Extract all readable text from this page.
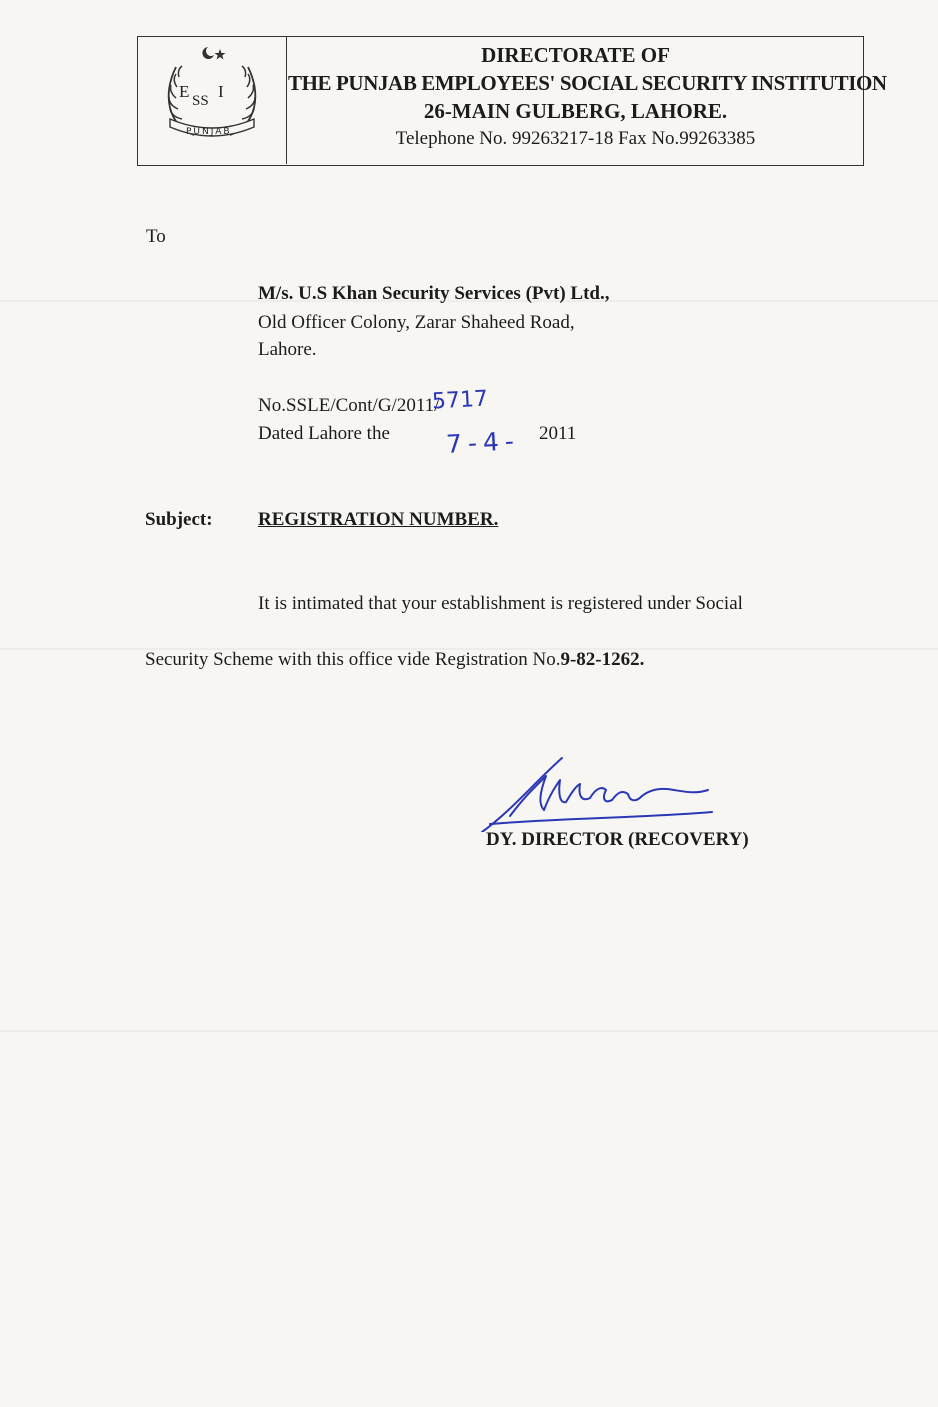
E SS I
PUNJAB
DIRECTORATE OF
THE PUNJAB EMPLOYEES' SOCIAL SECURITY INSTITUTION
26-MAIN GULBERG, LAHORE.
Telephone No. 99263217-18 Fax No.99263385
To
M/s. U.S Khan Security Services (Pvt) Ltd.,
Old Officer Colony, Zarar Shaheed Road,
Lahore.
No.SSLE/Cont/G/2011/
5717
Dated Lahore the 7-4- 2011
Subject: REGISTRATION NUMBER.
It is intimated that your establishment is registered under Social
Security Scheme with this office vide Registration No.9-82-1262.
DY. DIRECTOR (RECOVERY)
